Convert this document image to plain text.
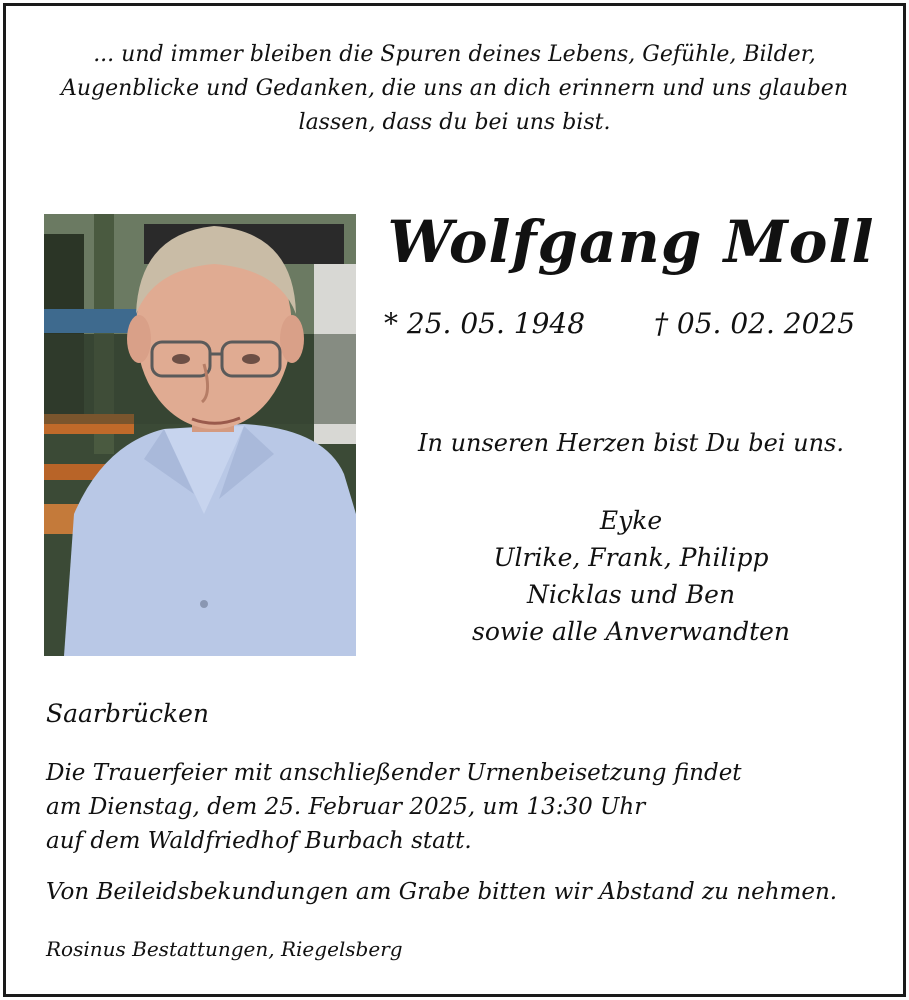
... und immer bleiben die Spuren deines Lebens, Gefühle, Bilder,
Augenblicke und Gedanken, die uns an dich erinnern und uns glauben
lassen, dass du bei uns bist.
Wolfgang Moll
* 25. 05. 1948 † 05. 02. 2025
In unseren Herzen bist Du bei uns.
Eyke
Ulrike, Frank, Philipp
Nicklas und Ben
sowie alle Anverwandten
Saarbrücken
Die Trauerfeier mit anschließender Urnenbeisetzung findet
am Dienstag, dem 25. Februar 2025, um 13:30 Uhr
auf dem Waldfriedhof Burbach statt.
Von Beileidsbekundungen am Grabe bitten wir Abstand zu nehmen.
Rosinus Bestattungen, Riegelsberg
